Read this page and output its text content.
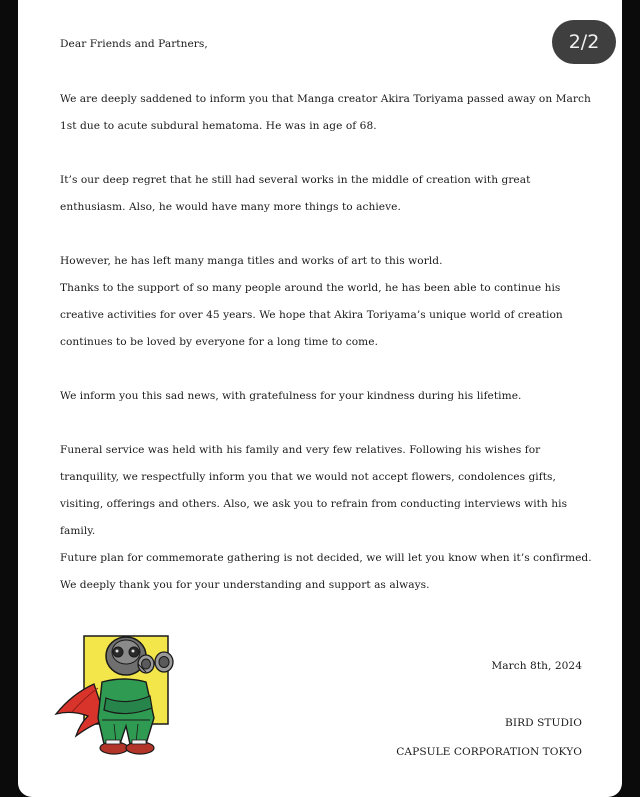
Dear Friends and Partners,
We are deeply saddened to inform you that Manga creator Akira Toriyama passed away on March
1st due to acute subdural hematoma. He was in age of 68.
It’s our deep regret that he still had several works in the middle of creation with great
enthusiasm. Also, he would have many more things to achieve.
However, he has left many manga titles and works of art to this world.
Thanks to the support of so many people around the world, he has been able to continue his
creative activities for over 45 years. We hope that Akira Toriyama’s unique world of creation
continues to be loved by everyone for a long time to come.
We inform you this sad news, with gratefulness for your kindness during his lifetime.
Funeral service was held with his family and very few relatives. Following his wishes for
tranquility, we respectfully inform you that we would not accept flowers, condolences gifts,
visiting, offerings and others. Also, we ask you to refrain from conducting interviews with his
family.
Future plan for commemorate gathering is not decided, we will let you know when it’s confirmed.
We deeply thank you for your understanding and support as always.
March 8th, 2024
BIRD STUDIO
CAPSULE CORPORATION TOKYO
2/2
